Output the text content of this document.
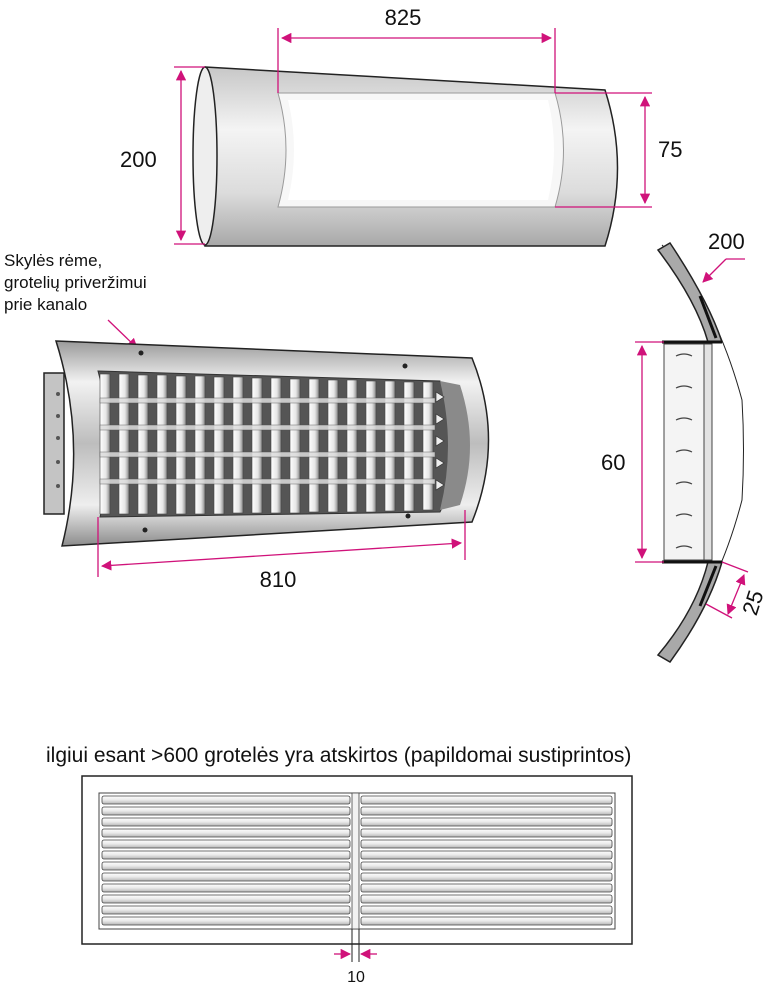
825
200	75
Skylės rėme,
grotelių priveržimui
prie kanalo
810
200
60
25
ilgiui esant >600 grotelės yra atskirtos (papildomai sustiprintos)
10
